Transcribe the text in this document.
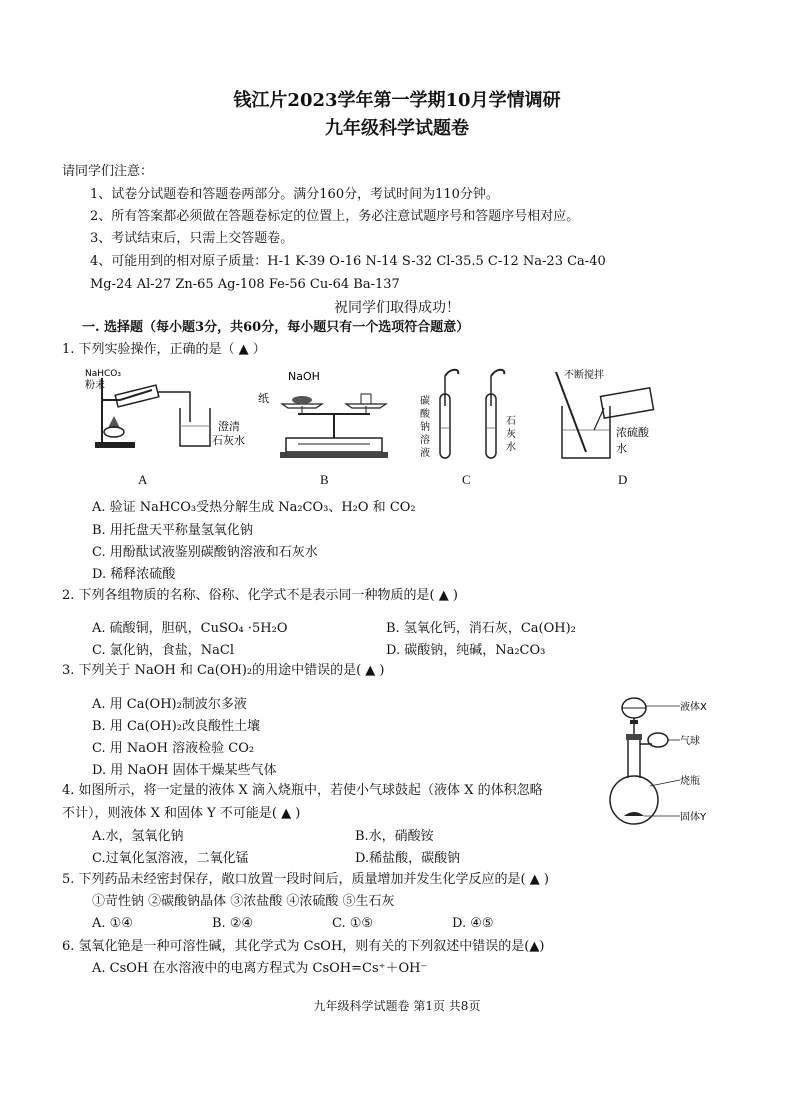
钱江片2023学年第一学期10月学情调研
九年级科学试题卷
请同学们注意：
1、试卷分试题卷和答题卷两部分。满分160分，考试时间为110分钟。
2、所有答案都必须做在答题卷标定的位置上，务必注意试题序号和答题序号相对应。
3、考试结束后，只需上交答题卷。
4、可能用到的相对原子质量：H-1 K-39 O-16 N-14 S-32 Cl-35.5 C-12 Na-23 Ca-40
Mg-24 Al-27 Zn-65 Ag-108 Fe-56 Cu-64 Ba-137
祝同学们取得成功！
一. 选择题（每小题3分，共60分，每小题只有一个选项符合题意）
1. 下列实验操作，正确的是（ ▲ ）
NaHCO₃
粉末
澄清
石灰水
NaOH
纸	碳
酸
钠
溶
液
石
灰
水
不断搅拌
浓硫酸
水
A	B	C	D
A. 验证 NaHCO₃受热分解生成 Na₂CO₃、H₂O 和 CO₂
B. 用托盘天平称量氢氧化钠
C. 用酚酞试液鉴别碳酸钠溶液和石灰水
D. 稀释浓硫酸
2. 下列各组物质的名称、俗称、化学式不是表示同一种物质的是( ▲ )
A. 硫酸铜，胆矾，CuSO₄ ·5H₂O	B. 氢氧化钙，消石灰，Ca(OH)₂
C. 氯化钠，食盐，NaCl	D. 碳酸钠，纯碱，Na₂CO₃
3. 下列关于 NaOH 和 Ca(OH)₂的用途中错误的是( ▲ )
A. 用 Ca(OH)₂制波尔多液
B. 用 Ca(OH)₂改良酸性土壤
C. 用 NaOH 溶液检验 CO₂
D. 用 NaOH 固体干燥某些气体
液体X
气球
烧瓶
固体Y
4. 如图所示，将一定量的液体 X 滴入烧瓶中，若使小气球鼓起（液体 X 的体积忽略
不计），则液体 X 和固体 Y 不可能是( ▲ )
A.水，氢氧化钠	B.水，硝酸铵
C.过氧化氢溶液，二氧化锰	D.稀盐酸，碳酸钠
5. 下列药品未经密封保存，敞口放置一段时间后，质量增加并发生化学反应的是( ▲ )
①苛性钠 ②碳酸钠晶体 ③浓盐酸 ④浓硫酸 ⑤生石灰
A. ①④	B. ②④	C. ①⑤	D. ④⑤
6. 氢氧化铯是一种可溶性碱，其化学式为 CsOH，则有关的下列叙述中错误的是(▲)
A. CsOH 在水溶液中的电离方程式为 CsOH=Cs⁺＋OH⁻
九年级科学试题卷 第1页 共8页
